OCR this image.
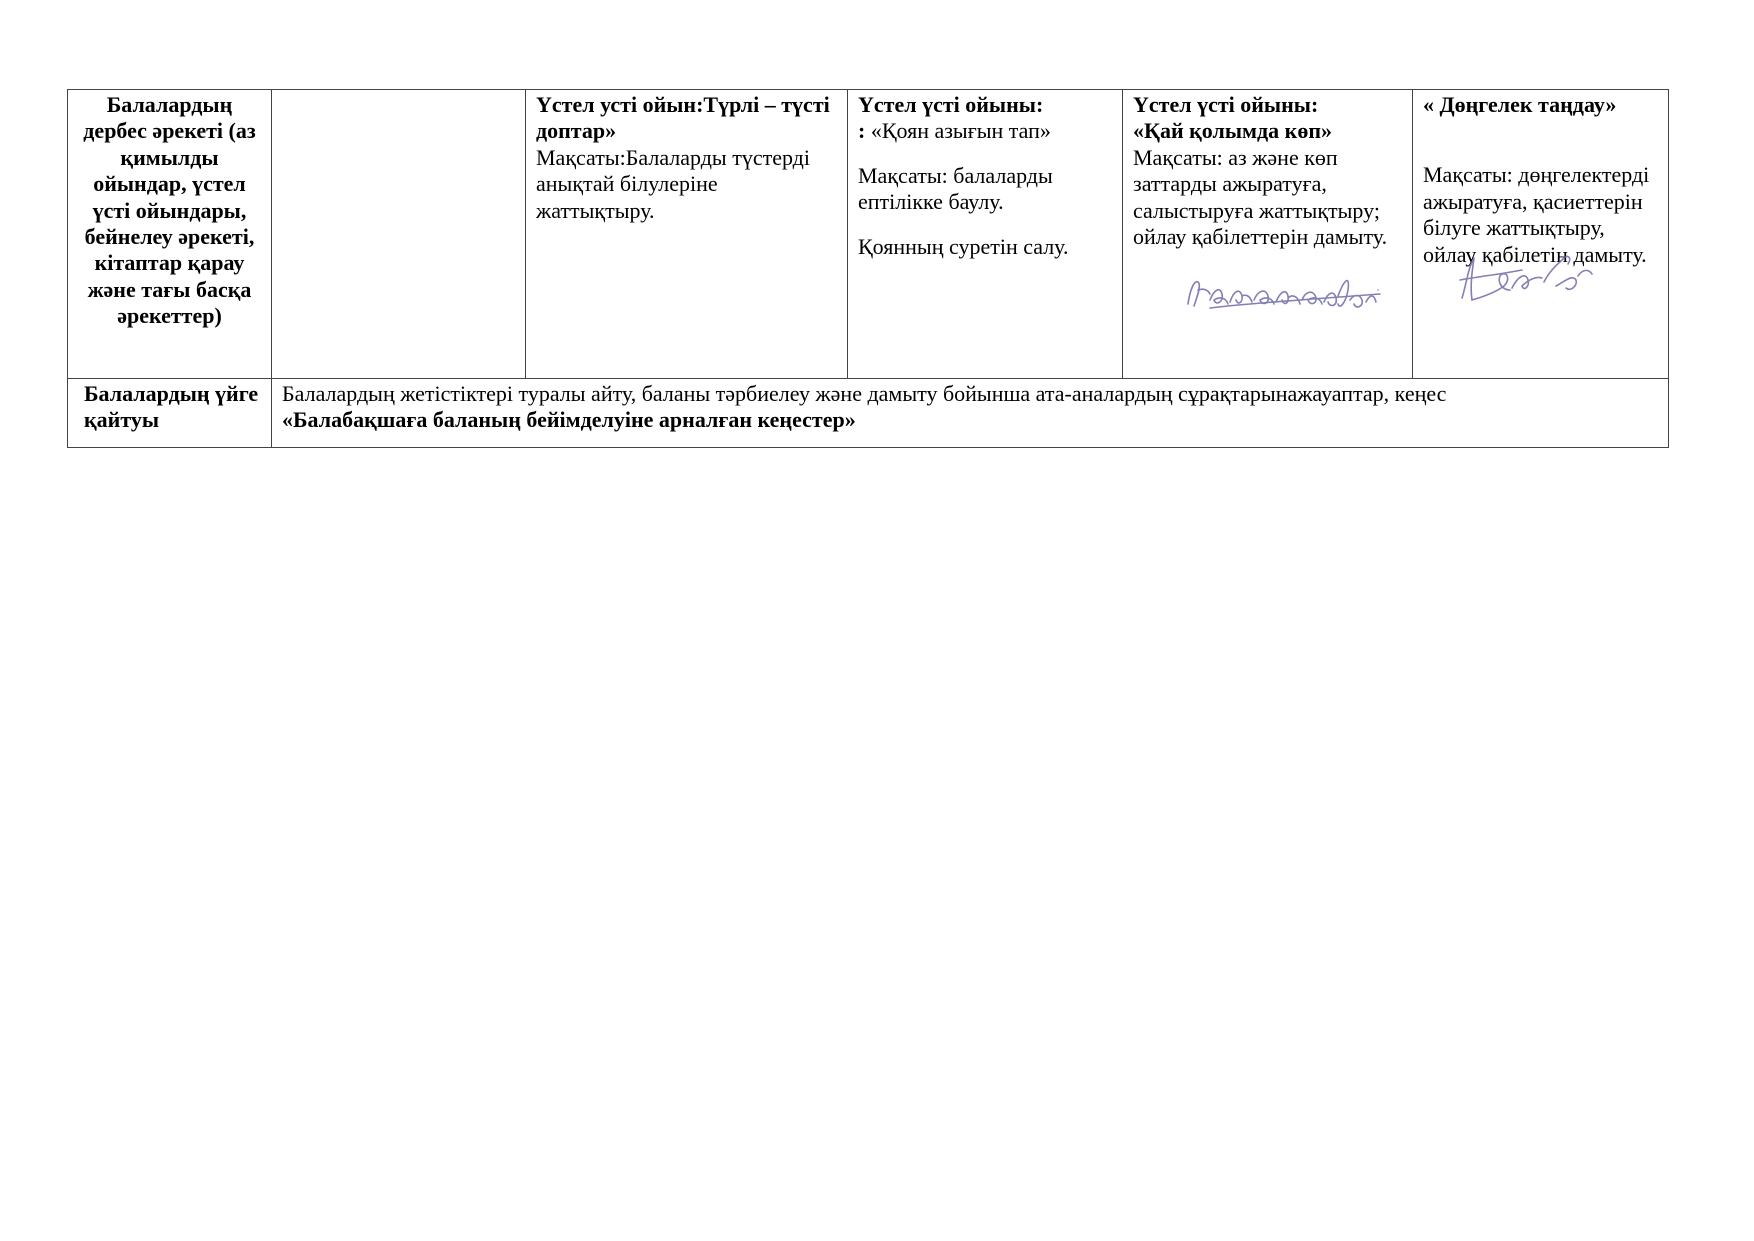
Балалардың дербес әрекеті (аз қимылды ойындар, үстел үсті ойындары, бейнелеу әрекеті, кітаптар қарау және тағы басқа әрекеттер)		Үстел усті ойын:Түрлі – түсті доптар»
Мақсаты:Балаларды түстерді анықтай білулеріне жаттықтыру.	Үстел үсті ойыны:
: «Қоян азығын тап»
Мақсаты: балаларды ептілікке баулу.
Қоянның суретін салу.	Үстел үсті ойыны:
«Қай қолымда көп»
Мақсаты: аз және көп заттарды ажыратуға, салыстыруға жаттықтыру; ойлау қабілеттерін дамыту.	« Дөңгелек таңдау»
Мақсаты: дөңгелектерді ажыратуға, қасиеттерін білуге жаттықтыру, ойлау қабілетін дамыту.

Балалардың үйге қайтуы	Балалардың жетістіктері туралы айту, баланы тәрбиелеу және дамыту бойынша ата-аналардың сұрақтарынажауаптар, кеңес
«Балабақшаға баланың бейімделуіне арналған кеңестер»				
